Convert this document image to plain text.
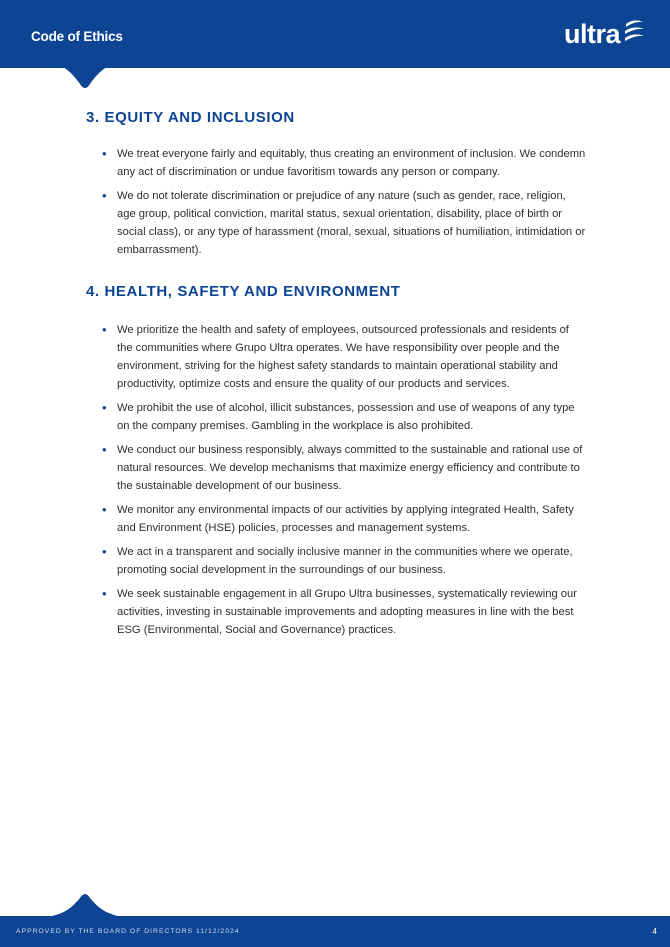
Code of Ethics	ultra
3. EQUITY AND INCLUSION
• We treat everyone fairly and equitably, thus creating an environment of inclusion. We condemn any act of discrimination or undue favoritism towards any person or company.
• We do not tolerate discrimination or prejudice of any nature (such as gender, race, religion, age group, political conviction, marital status, sexual orientation, disability, place of birth or social class), or any type of harassment (moral, sexual, situations of humiliation, intimidation or embarrassment).
4. HEALTH, SAFETY AND ENVIRONMENT
• We prioritize the health and safety of employees, outsourced professionals and residents of the communities where Grupo Ultra operates. We have responsibility over people and the environment, striving for the highest safety standards to maintain operational stability and productivity, optimize costs and ensure the quality of our products and services.
• We prohibit the use of alcohol, illicit substances, possession and use of weapons of any type on the company premises. Gambling in the workplace is also prohibited.
• We conduct our business responsibly, always committed to the sustainable and rational use of natural resources. We develop mechanisms that maximize energy efficiency and contribute to the sustainable development of our business.
• We monitor any environmental impacts of our activities by applying integrated Health, Safety and Environment (HSE) policies, processes and management systems.
• We act in a transparent and socially inclusive manner in the communities where we operate, promoting social development in the surroundings of our business.
• We seek sustainable engagement in all Grupo Ultra businesses, systematically reviewing our activities, investing in sustainable improvements and adopting measures in line with the best ESG (Environmental, Social and Governance) practices.
APPROVED BY THE BOARD OF DIRECTORS 11/12/2024	4
